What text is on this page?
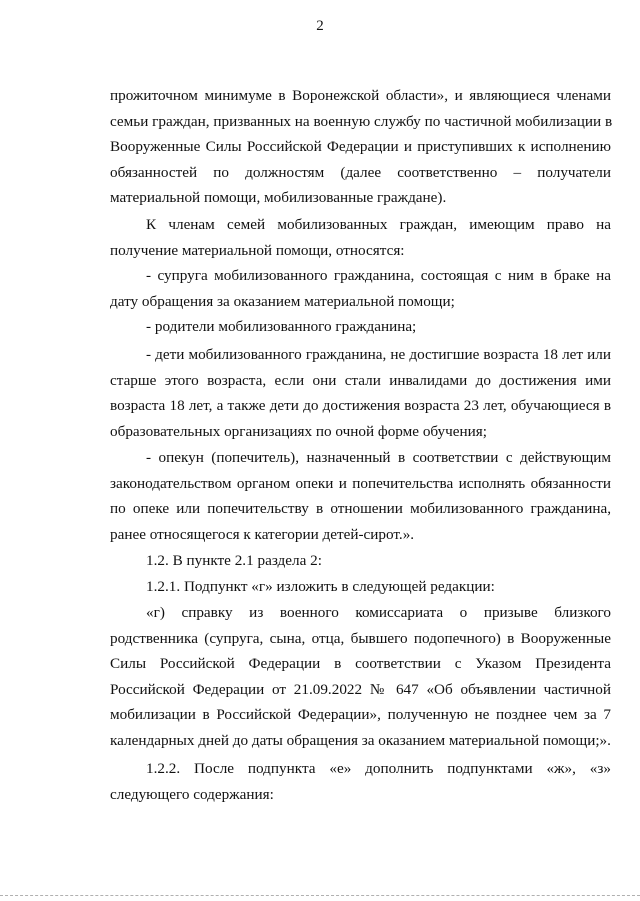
2
прожиточном минимуме в Воронежской области», и являющиеся членами
семьи граждан, призванных на военную службу по частичной мобилизации в
Вооруженные Силы Российской Федерации и приступивших к исполнению
обязанностей по должностям (далее соответственно – получатели
материальной помощи, мобилизованные граждане).
К членам семей мобилизованных граждан, имеющим право на
получение материальной помощи, относятся:
- супруга мобилизованного гражданина, состоящая с ним в браке на
дату обращения за оказанием материальной помощи;
- родители мобилизованного гражданина;
- дети мобилизованного гражданина, не достигшие возраста 18 лет или
старше этого возраста, если они стали инвалидами до достижения ими
возраста 18 лет, а также дети до достижения возраста 23 лет, обучающиеся в
образовательных организациях по очной форме обучения;
- опекун (попечитель), назначенный в соответствии с действующим
законодательством органом опеки и попечительства исполнять обязанности
по опеке или попечительству в отношении мобилизованного гражданина,
ранее относящегося к категории детей-сирот.».
1.2. В пункте 2.1 раздела 2:
1.2.1. Подпункт «г» изложить в следующей редакции:
«г) справку из военного комиссариата о призыве близкого
родственника (супруга, сына, отца, бывшего подопечного) в Вооруженные
Силы Российской Федерации в соответствии с Указом Президента
Российской Федерации от 21.09.2022 № 647 «Об объявлении частичной
мобилизации в Российской Федерации», полученную не позднее чем за 7
календарных дней до даты обращения за оказанием материальной помощи;».
1.2.2. После подпункта «е» дополнить подпунктами «ж», «з»
следующего содержания:
